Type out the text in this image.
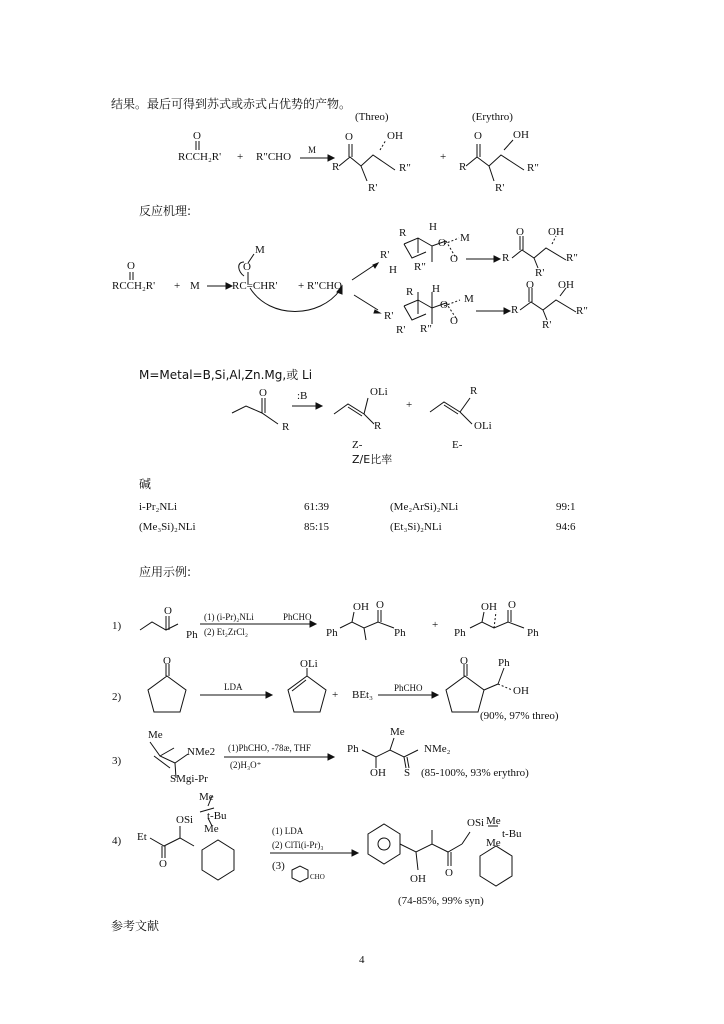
结果。最后可得到苏式或赤式占优势的产物。
(Threo)	(Erythro)
O
RCCH₂R' + R"CHO
M
O	OH
R	R"
R'
+
O	OH
R	R"
R'
反应机理:
O
RCCH₂R' + M
M
O
RC=CHR' + R"CHO
R H
O M
O
R'
H R"
O OH
R	R"
R'
R H
O M
O
R'
R' R"
O OH
R	R"
R'
M=Metal=B,Si,Al,Zn.Mg,或 Li
O
R
:B	OLi
R
+
R
OLi
Z-	E-
Z/E比率
碱
i-Pr₂NLi	61:39	(Me₂ArSi)₂NLi	99:1
(Me₃Si)₂NLi	85:15	(Et₃Si)₂NLi	94:6
应用示例:
1)
O
Ph
(1) (i-Pr)₂NLi
(2) Et₂ZrCl₂
PhCHO
OH O
Ph	Ph
+
OH O
Ph	Ph
2)
O
LDA
OLi
+ BEt₃
PhCHO
O	Ph
OH
(90%, 97% threo)
3)
Me
NMe2
SMgi-Pr
(1)PhCHO, -78æ, THF
(2)H₃O⁺
Me
Ph	NMe₂
OH S (85-100%, 93% erythro)
4) Et
O
OSi
Me
t-Bu
Me	(1) LDA
(2) ClTi(i-Pr)₃
(3)
CHO
OSi Me
t-Bu
Me
OH O
(74-85%, 99% syn)
参考文献
4
